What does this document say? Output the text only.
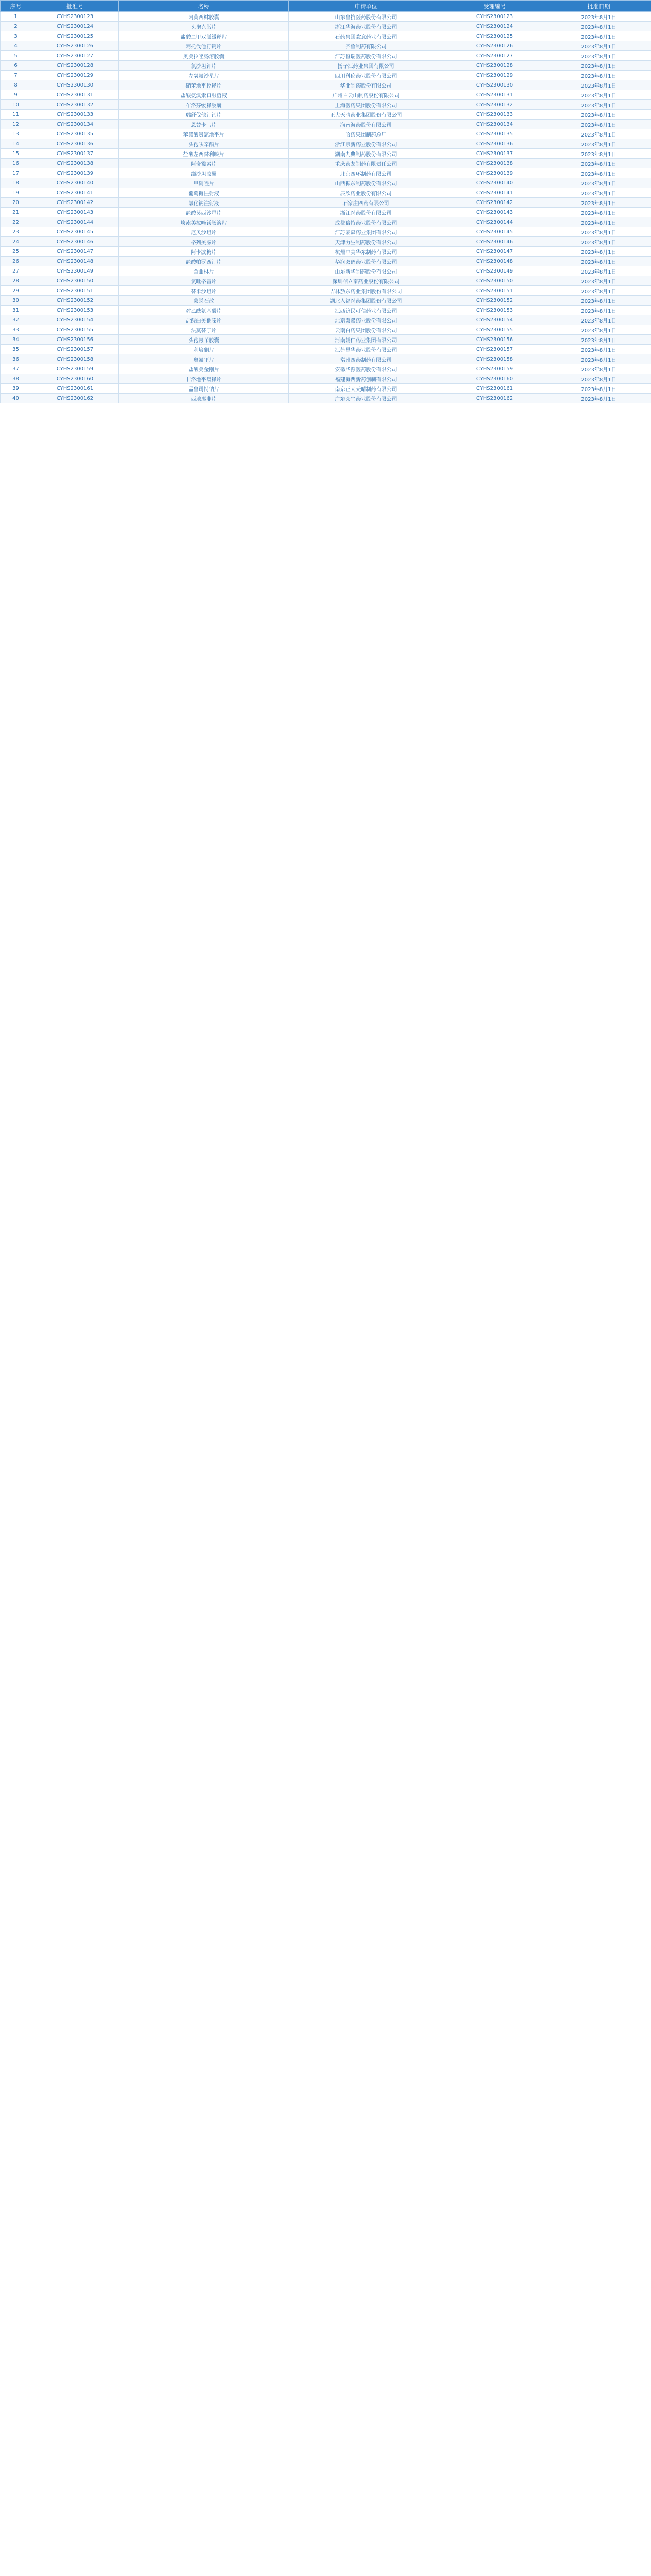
序号	批准号	名称	申请单位	受理编号	批准日期
1	CYHS2300123	阿莫西林胶囊	山东鲁抗医药股份有限公司	CYHS2300123	2023年8月1日
2	CYHS2300124	头孢克肟片	浙江华海药业股份有限公司	CYHS2300124	2023年8月1日
3	CYHS2300125	盐酸二甲双胍缓释片	石药集团欧意药业有限公司	CYHS2300125	2023年8月1日
4	CYHS2300126	阿托伐他汀钙片	齐鲁制药有限公司	CYHS2300126	2023年8月1日
5	CYHS2300127	奥美拉唑肠溶胶囊	江苏恒瑞医药股份有限公司	CYHS2300127	2023年8月1日
6	CYHS2300128	氯沙坦钾片	扬子江药业集团有限公司	CYHS2300128	2023年8月1日
7	CYHS2300129	左氧氟沙星片	四川科伦药业股份有限公司	CYHS2300129	2023年8月1日
8	CYHS2300130	硝苯地平控释片	华北制药股份有限公司	CYHS2300130	2023年8月1日
9	CYHS2300131	盐酸氨溴索口服溶液	广州白云山制药股份有限公司	CYHS2300131	2023年8月1日
10	CYHS2300132	布洛芬缓释胶囊	上海医药集团股份有限公司	CYHS2300132	2023年8月1日
11	CYHS2300133	瑞舒伐他汀钙片	正大天晴药业集团股份有限公司	CYHS2300133	2023年8月1日
12	CYHS2300134	恩替卡韦片	海南海药股份有限公司	CYHS2300134	2023年8月1日
13	CYHS2300135	苯磺酸氨氯地平片	哈药集团制药总厂	CYHS2300135	2023年8月1日
14	CYHS2300136	头孢呋辛酯片	浙江京新药业股份有限公司	CYHS2300136	2023年8月1日
15	CYHS2300137	盐酸左西替利嗪片	湖南九典制药股份有限公司	CYHS2300137	2023年8月1日
16	CYHS2300138	阿奇霉素片	重庆药友制药有限责任公司	CYHS2300138	2023年8月1日
17	CYHS2300139	缬沙坦胶囊	北京四环制药有限公司	CYHS2300139	2023年8月1日
18	CYHS2300140	甲硝唑片	山西振东制药股份有限公司	CYHS2300140	2023年8月1日
19	CYHS2300141	葡萄糖注射液	辰欣药业股份有限公司	CYHS2300141	2023年8月1日
20	CYHS2300142	氯化钠注射液	石家庄四药有限公司	CYHS2300142	2023年8月1日
21	CYHS2300143	盐酸莫西沙星片	浙江医药股份有限公司	CYHS2300143	2023年8月1日
22	CYHS2300144	埃索美拉唑镁肠溶片	成都倍特药业股份有限公司	CYHS2300144	2023年8月1日
23	CYHS2300145	厄贝沙坦片	江苏豪森药业集团有限公司	CYHS2300145	2023年8月1日
24	CYHS2300146	格列美脲片	天津力生制药股份有限公司	CYHS2300146	2023年8月1日
25	CYHS2300147	阿卡波糖片	杭州中美华东制药有限公司	CYHS2300147	2023年8月1日
26	CYHS2300148	盐酸帕罗西汀片	华润双鹤药业股份有限公司	CYHS2300148	2023年8月1日
27	CYHS2300149	舍曲林片	山东新华制药股份有限公司	CYHS2300149	2023年8月1日
28	CYHS2300150	氯吡格雷片	深圳信立泰药业股份有限公司	CYHS2300150	2023年8月1日
29	CYHS2300151	替米沙坦片	吉林敖东药业集团股份有限公司	CYHS2300151	2023年8月1日
30	CYHS2300152	蒙脱石散	湖北人福医药集团股份有限公司	CYHS2300152	2023年8月1日
31	CYHS2300153	对乙酰氨基酚片	江西济民可信药业有限公司	CYHS2300153	2023年8月1日
32	CYHS2300154	盐酸曲美他嗪片	北京双鹭药业股份有限公司	CYHS2300154	2023年8月1日
33	CYHS2300155	法莫替丁片	云南白药集团股份有限公司	CYHS2300155	2023年8月1日
34	CYHS2300156	头孢氨苄胶囊	河南辅仁药业集团有限公司	CYHS2300156	2023年8月1日
35	CYHS2300157	利培酮片	江苏恩华药业股份有限公司	CYHS2300157	2023年8月1日
36	CYHS2300158	奥氮平片	常州四药制药有限公司	CYHS2300158	2023年8月1日
37	CYHS2300159	盐酸美金刚片	安徽华源医药股份有限公司	CYHS2300159	2023年8月1日
38	CYHS2300160	非洛地平缓释片	福建海西新药创制有限公司	CYHS2300160	2023年8月1日
39	CYHS2300161	孟鲁司特钠片	南京正大天晴制药有限公司	CYHS2300161	2023年8月1日
40	CYHS2300162	西地那非片	广东众生药业股份有限公司	CYHS2300162	2023年8月1日
